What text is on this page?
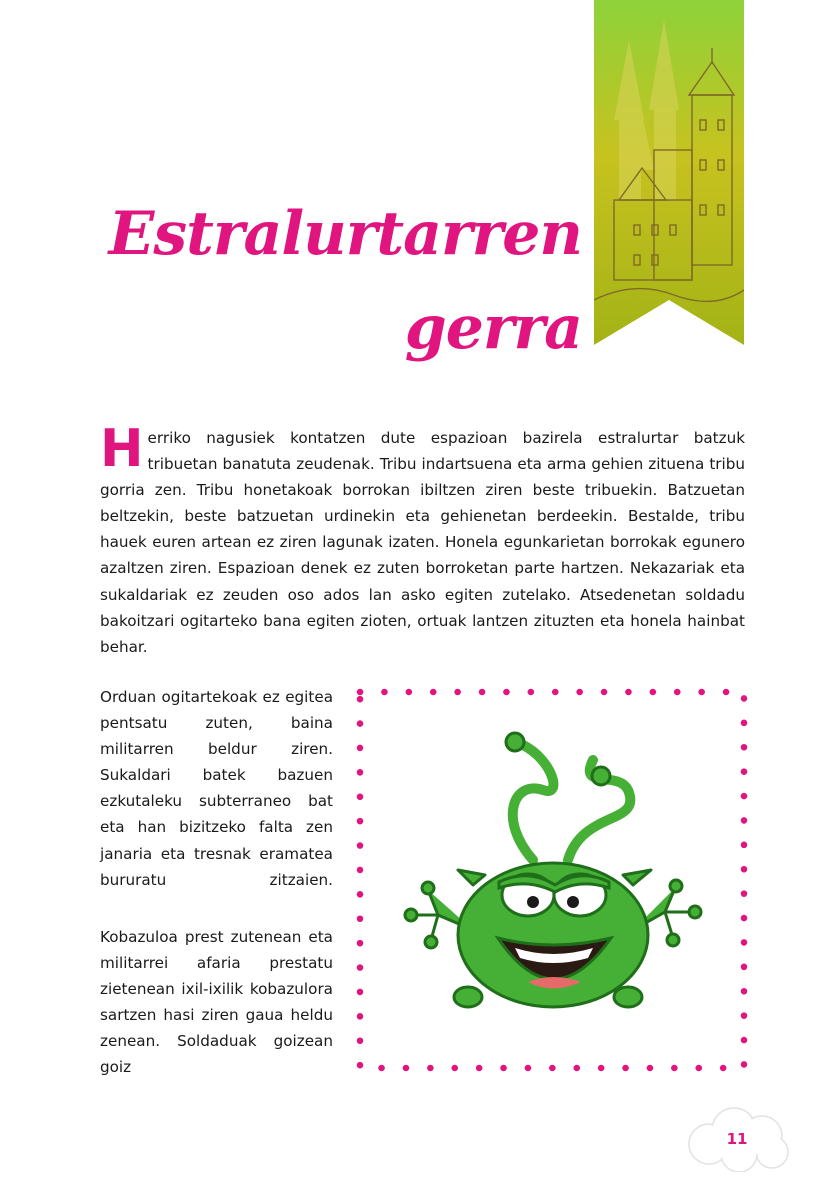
Estralurtarren
gerra

Herriko nagusiek kontatzen dute espazioan bazirela estralurtar batzuk tribuetan banatuta zeudenak. Tribu indartsuena eta arma gehien zituena tribu gorria zen. Tribu honetakoak borrokan ibiltzen ziren beste tribuekin. Batzuetan beltzekin, beste batzuetan urdinekin eta gehienetan berdeekin. Bestalde, tribu hauek euren artean ez ziren lagunak izaten. Honela egunkarietan borrokak egunero azaltzen ziren. Espazioan denek ez zuten borroketan parte hartzen. Nekazariak eta sukaldariak ez zeuden oso ados lan asko egiten zutelako. Atsedenetan soldadu bakoitzari ogitarteko bana egiten zioten, ortuak lantzen zituzten eta honela hainbat behar.

Orduan ogitartekoak ez egitea pentsatu zuten, baina militarren beldur ziren. Sukaldari batek bazuen ezkutaleku subterraneo bat eta han bizitzeko falta zen janaria eta tresnak eramatea bururatu zitzaien.

Kobazuloa prest zutenean eta militarrei afaria prestatu zietenean ixil-ixilik kobazulora sartzen hasi ziren gaua heldu zenean. Soldaduak goizean goiz

11
